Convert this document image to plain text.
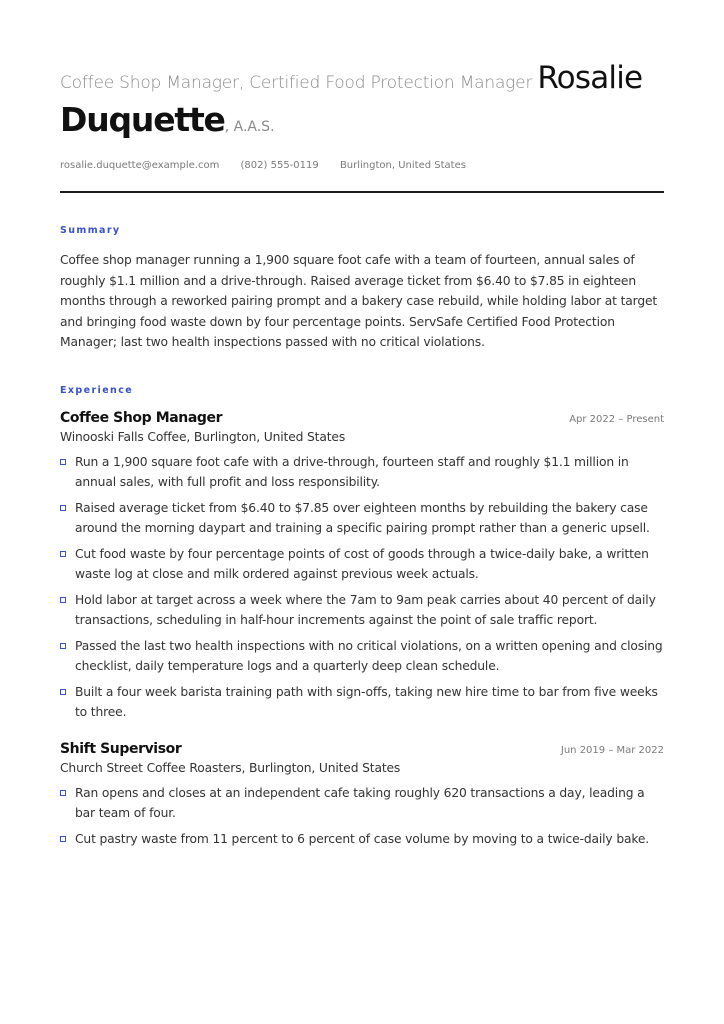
Coffee Shop Manager, Certified Food Protection Manager Rosalie
Duquette, A.A.S.
rosalie.duquette@example.com (802) 555-0119 Burlington, United States
Summary
Coffee shop manager running a 1,900 square foot cafe with a team of fourteen, annual sales of roughly $1.1 million and a drive-through. Raised average ticket from $6.40 to $7.85 in eighteen months through a reworked pairing prompt and a bakery case rebuild, while holding labor at target and bringing food waste down by four percentage points. ServSafe Certified Food Protection Manager; last two health inspections passed with no critical violations.
Experience
Coffee Shop Manager	Apr 2022 – Present
Winooski Falls Coffee, Burlington, United States
Run a 1,900 square foot cafe with a drive-through, fourteen staff and roughly $1.1 million in annual sales, with full profit and loss responsibility.
Raised average ticket from $6.40 to $7.85 over eighteen months by rebuilding the bakery case around the morning daypart and training a specific pairing prompt rather than a generic upsell.
Cut food waste by four percentage points of cost of goods through a twice-daily bake, a written waste log at close and milk ordered against previous week actuals.
Hold labor at target across a week where the 7am to 9am peak carries about 40 percent of daily transactions, scheduling in half-hour increments against the point of sale traffic report.
Passed the last two health inspections with no critical violations, on a written opening and closing checklist, daily temperature logs and a quarterly deep clean schedule.
Built a four week barista training path with sign-offs, taking new hire time to bar from five weeks to three.
Shift Supervisor	Jun 2019 – Mar 2022
Church Street Coffee Roasters, Burlington, United States
Ran opens and closes at an independent cafe taking roughly 620 transactions a day, leading a bar team of four.
Cut pastry waste from 11 percent to 6 percent of case volume by moving to a twice-daily bake.
